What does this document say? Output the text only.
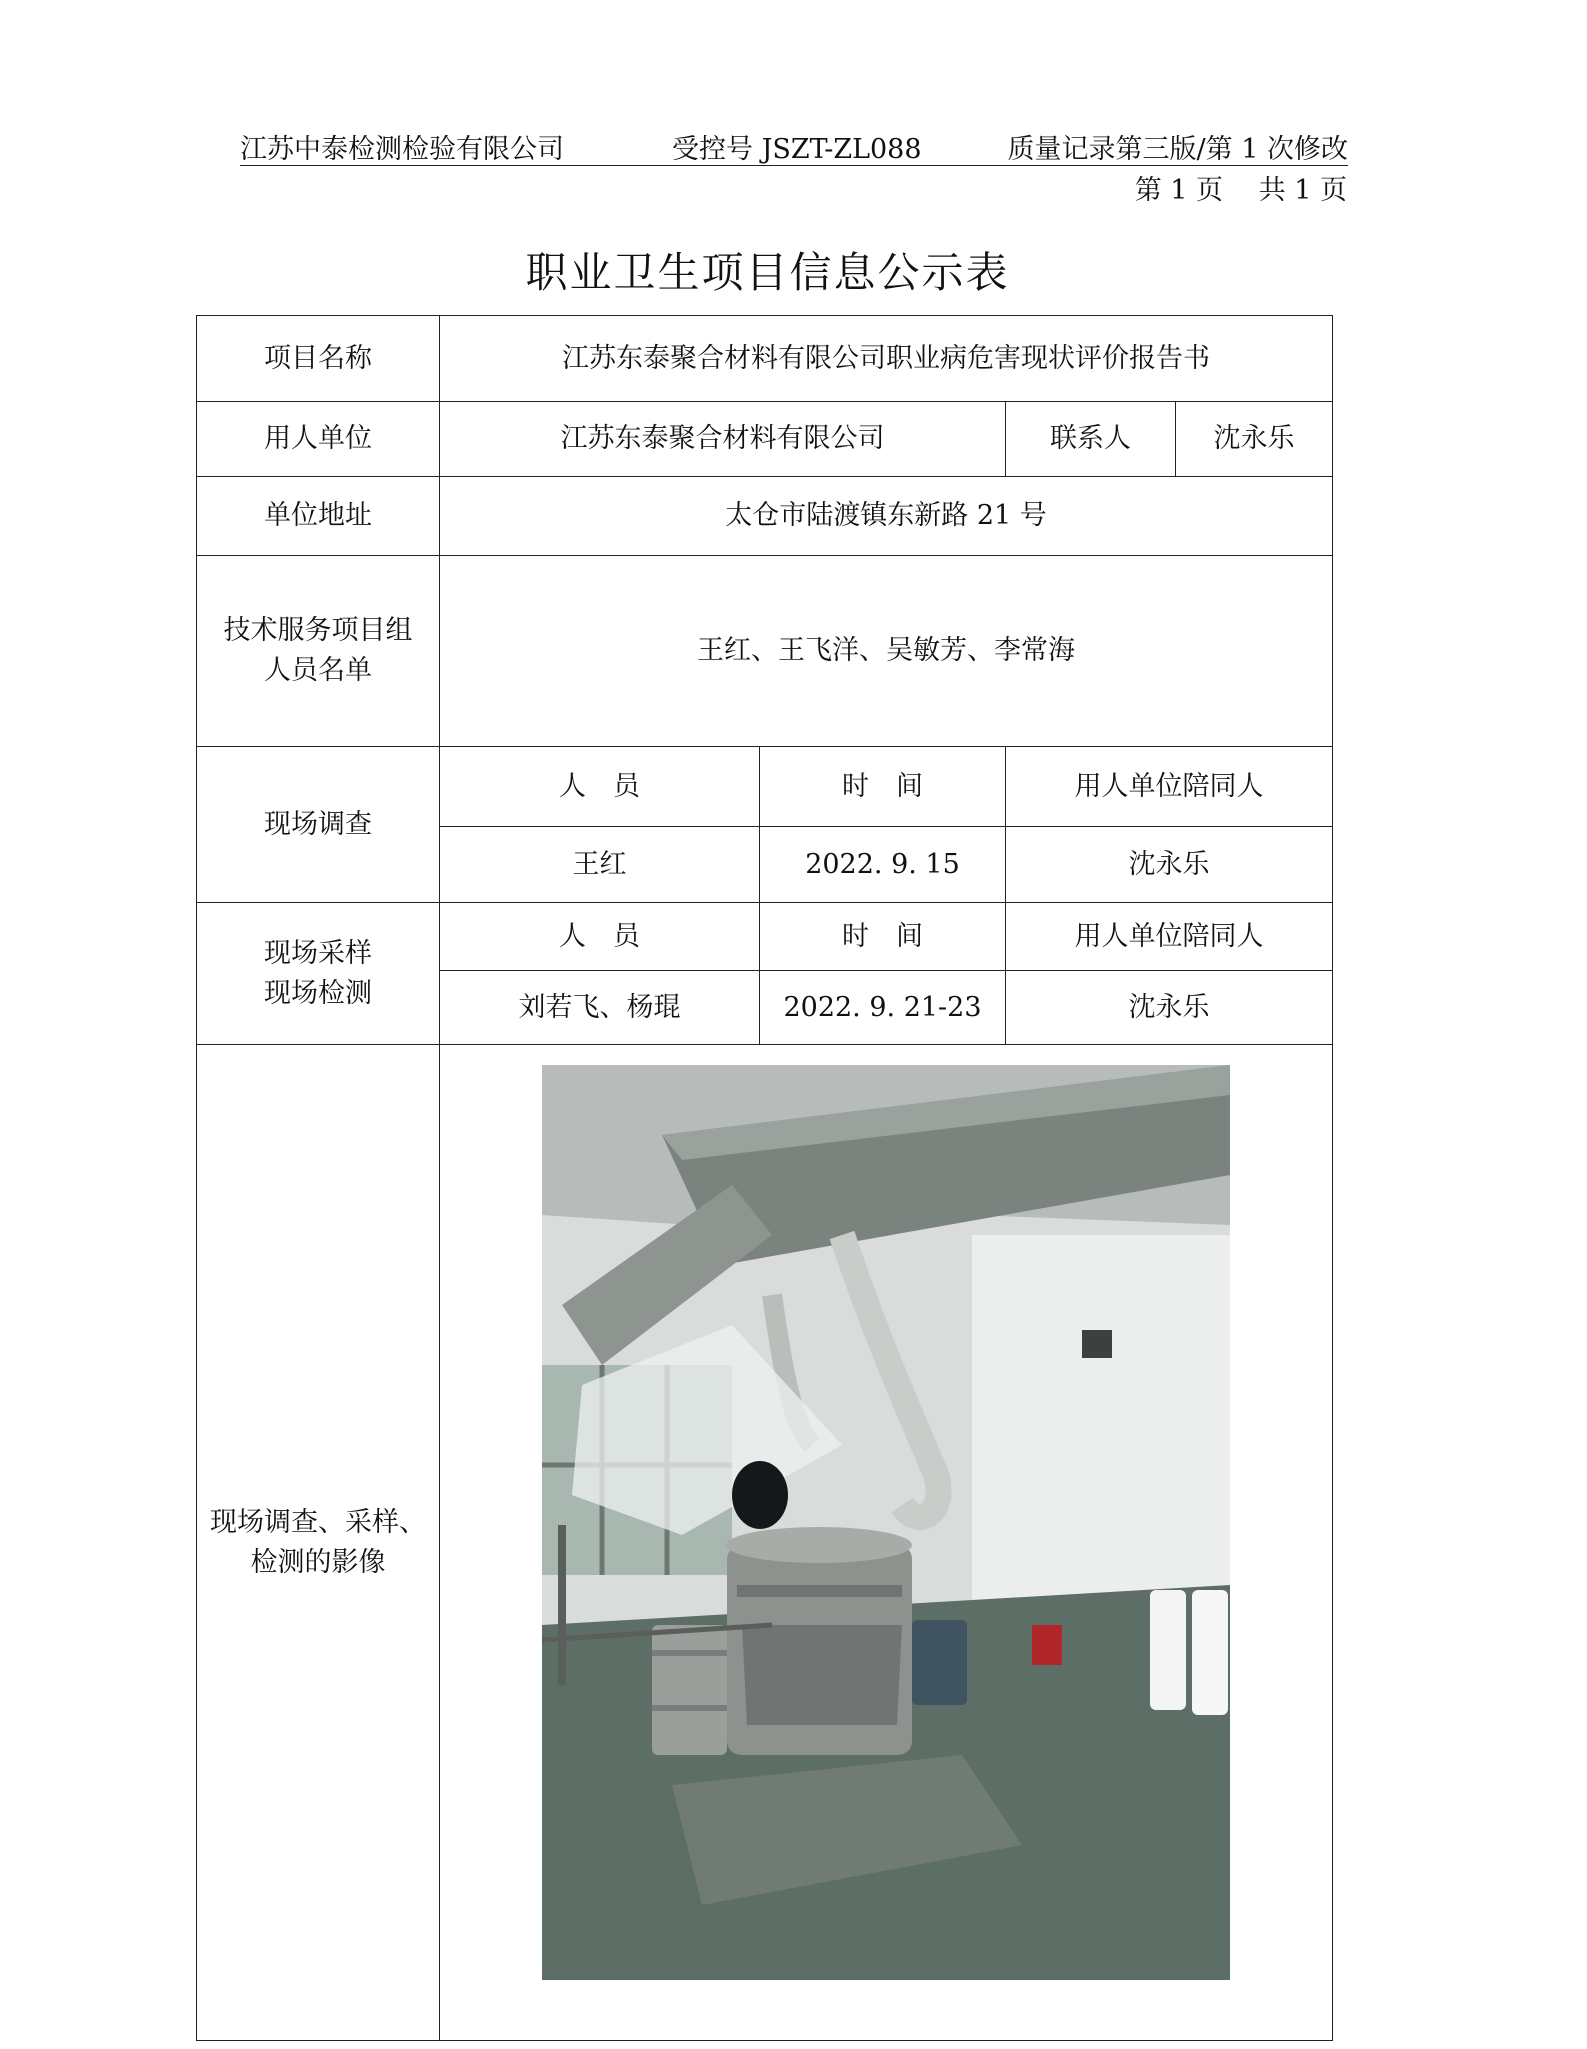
江苏中泰检测检验有限公司	受控号 JSZT-ZL088	质量记录第三版/第 1 次修改
第 1 页　 共 1 页
职业卫生项目信息公示表
项目名称	江苏东泰聚合材料有限公司职业病危害现状评价报告书			
用人单位	江苏东泰聚合材料有限公司		联系人	沈永乐
单位地址	太仓市陆渡镇东新路 21 号			

技术服务项目组
人员名单	王红、王飞洋、吴敏芳、李常海			
现场调查	人　员	时　间	用人单位陪同人	
	王红	2022. 9. 15	沈永乐	

现场采样
现场检测	人　员	时　间	用人单位陪同人	
	刘若飞、杨琨	2022. 9. 21-23	沈永乐	

现场调查、采样、
检测的影像
